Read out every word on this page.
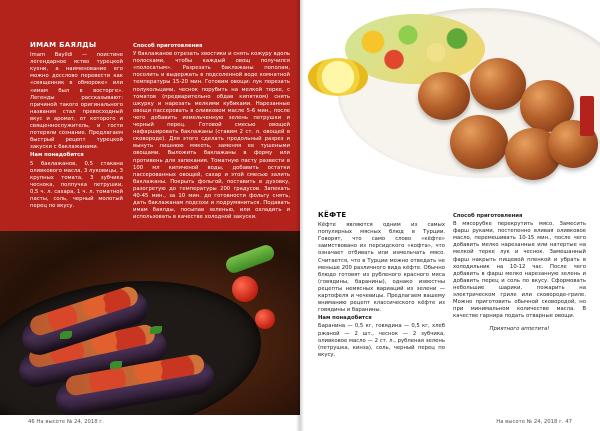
ИМАМ БАЯЛДЫ

Imam Bayildi — поистине легендарное яство турецкой кухни, а наименование его можно досслово перевести как «священник в обмороке» или «имам был в восторге». Легенды рассказывают: причиной такого оригинального названия стал превосходный вкус и аромат, от которого и священнослужитель, и гости потеряли сознание. Предлагаем быстрый рецепт турецкой закуски с баклажанами.

Нам понадобится

5 баклажанов, 0,5 стакана оливкового масла, 3 луковицы, 3 крупных томата, 3 зубчика чеснока, полпучка петрушки, 0,5 ч. л. сахара, 1 ч. л. томатной пасты, соль, черный молотый перец по вкусу.

Способ приготовления

У баклажанов отрезать хвостики и снять кожуру вдоль полосками, чтобы каждый овощ получился «полосатым». Разрезать баклажаны пополам, посолить и выдержать в подсоленной воде комнатной температуры 15-20 мин. Готовим овощи: лук порезать полукольцами, чеснок порубить на мелкой терке, с томатов (предварительно обдав кипятком) снять шкурку и нарезать мелкими кубиками. Нарезанные овощи пассеровать в оливковом масле 5-6 мин., после чего добавить измельченную зелень петрушки и черный перец. Готовой смесью овощей нафаршировать баклажаны (ставим 2 ст. л. овощей в сковороде). Для этого сделать продольный разрез и вынуть лишнюю мякоть, заменяя ее тушеными овощами. Выложить баклажаны в форму или противень для запекания. Томатную пасту развести в 100 мл кипяченой воды, добавить остатки пассерованных овощей, сахар и этой смесью залить баклажаны. Покрыть фольгой, поставить в духовку, разогретую до температуры 200 градусов. Запекать 40-45 мин., за 10 мин. до готовности фольгу снять, дать баклажанам подсохи и подрумяниться. Подавать имам баялды, посыпав зеленью, или охладить и использовать в качестве холодной закуски.

46 На высоте № 24, 2018 г.
КЁФТЕ

Кёфте являются одним из самых популярных мясных блюд в Турции. Говорят, что само слово «кёфте» заимствовано из персидского «кофта», что означает отбивать или измельчать мясо. Считается, что в Турции можно отведать не меньше 200 различного вида кёфте. Обычно блюдо готовят из рубленого красного мяса (говядины, баранины), однако известны рецепты немясных вариаций из зелени — картофеля и чечевицы. Предлагаем вашему вниманию рецепт классического кёфте из говядины и баранины.

Нам понадобится

Баранина — 0,5 кг, говядина — 0,5 кг, хлеб ржаной — 2 шт., чеснок — 2 зубчика, оливковое масло — 2 ст. л., рубленая зелень (петрушка, кинза), соль, черный перец по вкусу.

Способ приготовления

В мясорубке перекрутить мясо. Замесить фарш руками, постепенно вливая оливковое масло, перемешивать 10-15 мин., после чего добавить мелко нарезанные или натертые на мелкой терке лук и чеснок. Замешанный фарш накрыть пищевой пленкой и убрать в холодильник на 10-12 час. После чего добавить в фарш мелко нарезанную зелень и добавить перец и соль по вкусу. Сформовать небольшие шарики, пожарить на электрическом гриле или сковороде-гриле. Можно приготовить обычной сковородой, но при минимальном количестве масла. В качестве гарнира подать отварные овощи.

Приятного аппетита!

На высоте № 24, 2018 г. 47
